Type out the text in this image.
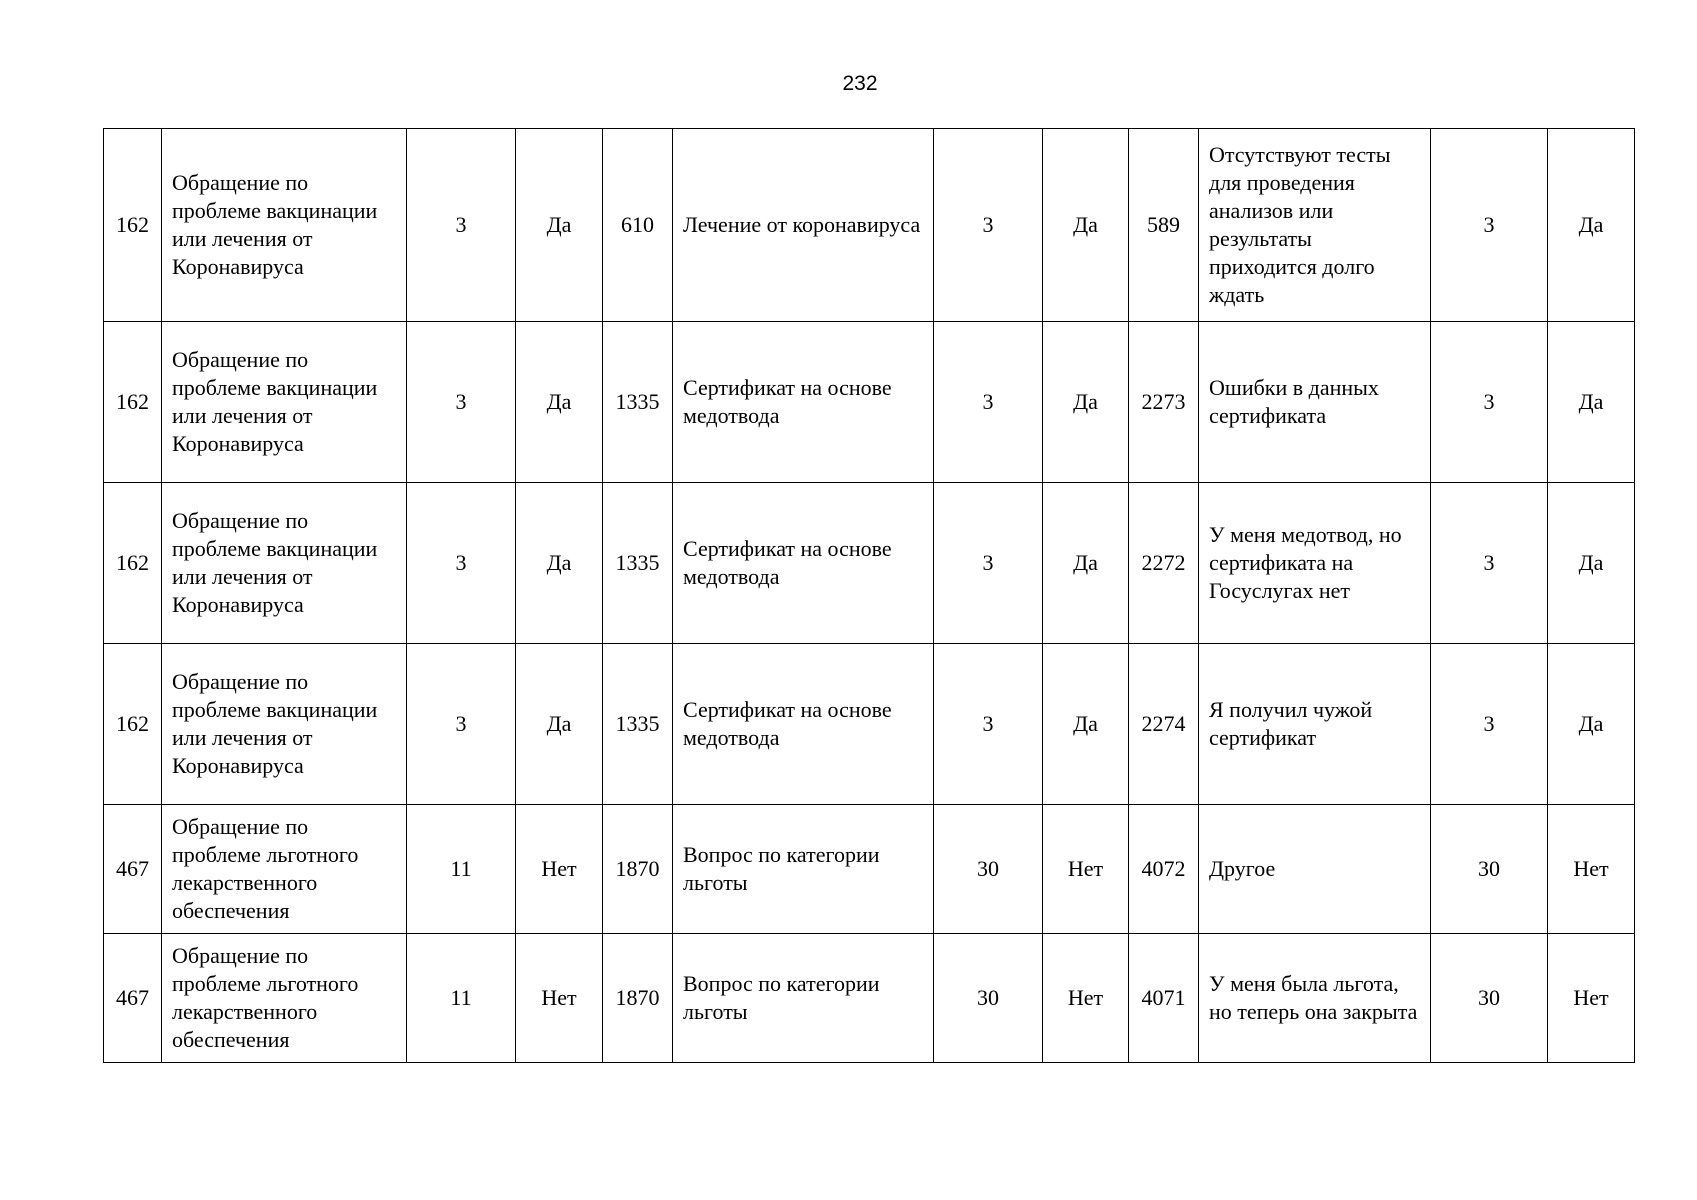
232
162	Обращение по проблеме вакцинации или лечения от Коронавируса	3	Да	610	Лечение от коронавируса	3	Да	589	Отсутствуют тесты для проведения анализов или результаты приходится долго ждать	3	Да
162	Обращение по проблеме вакцинации или лечения от Коронавируса	3	Да	1335	Сертификат на основе медотвода	3	Да	2273	Ошибки в данных сертификата	3	Да
162	Обращение по проблеме вакцинации или лечения от Коронавируса	3	Да	1335	Сертификат на основе медотвода	3	Да	2272	У меня медотвод, но сертификата на Госуслугах нет	3	Да
162	Обращение по проблеме вакцинации или лечения от Коронавируса	3	Да	1335	Сертификат на основе медотвода	3	Да	2274	Я получил чужой сертификат	3	Да
467	Обращение по проблеме льготного лекарственного обеспечения	11	Нет	1870	Вопрос по категории льготы	30	Нет	4072	Другое	30	Нет
467	Обращение по проблеме льготного лекарственного обеспечения	11	Нет	1870	Вопрос по категории льготы	30	Нет	4071	У меня была льгота, но теперь она закрыта	30	Нет
